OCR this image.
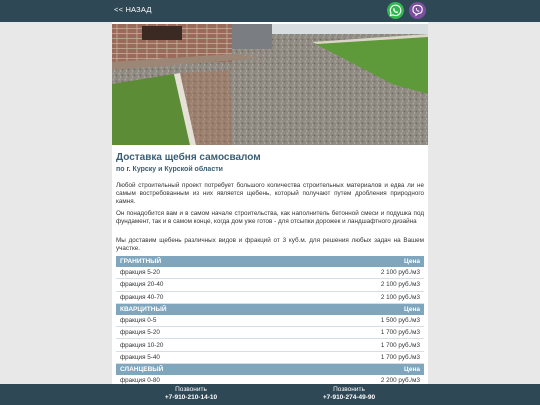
<< НАЗАД
Доставка щебня самосвалом
по г. Курску и Курской области

Любой строительный проект потребует большого количества строительных материалов и едва ли не самым востребованным из них является щебень, который получают путем дробления природного камня.

Он понадобится вам и в самом начале строительства, как наполнитель бетонной смеси и подушка под фундамент, так и в самом конце, когда дом уже готов - для отсыпки дорожек и ландшафтного дизайна

Мы доставим щебень различных видов и фракций от 3 куб.м. для решения любых задач на Вашем участке.

ГРАНИТНЫЙ	Цена
фракция 5-20	2 100 руб./м3
фракция 20-40	2 100 руб./м3
фракция 40-70	2 100 руб./м3
КВАРЦИТНЫЙ	Цена
фракция 0-5	1 500 руб./м3
фракция 5-20	1 700 руб./м3
фракция 10-20	1 700 руб./м3
фракция 5-40	1 700 руб./м3
СЛАНЦЕВЫЙ	Цена
фракция 0-80	2 200 руб./м3
Позвонить
+7-910-210-14-10
Позвонить
+7-910-274-49-90
